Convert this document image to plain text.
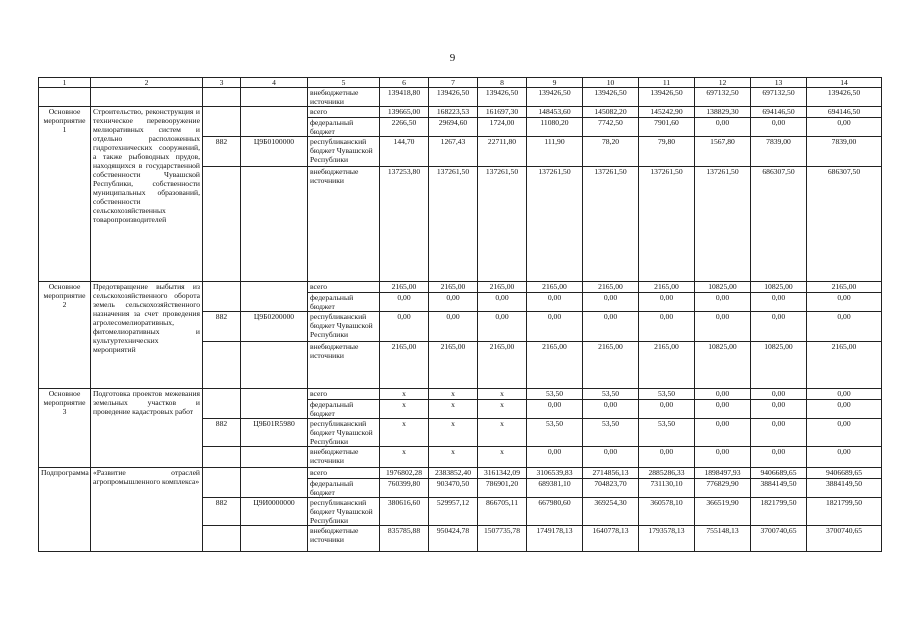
9
1	2	3	4	5	6	7	8	9	10	11	12	13	14
				внебюджетные источники	139418,80	139426,50	139426,50	139426,50	139426,50	139426,50	697132,50	697132,50	139426,50
Основное мероприятие 1	Строительство, реконструкция и техническое перевооружение мелиоративных систем и отдельно расположенных гидротехнических сооружений, а также рыбоводных прудов, находящихся в государственной собственности Чувашской Республики, собственности муниципальных образований, собственности сельскохозяйственных товаропроизводителей			всего	139665,00	168223,53	161697,30	148453,60	145082,20	145242,90	138829,30	694146,50	694146,50
				федеральный бюджет	2266,50	29694,60	1724,00	11080,20	7742,50	7901,60	0,00	0,00	0,00
		882	Ц9Б0100000	республиканский бюджет Чувашской Республики	144,70	1267,43	22711,80	111,90	78,20	79,80	1567,80	7839,00	7839,00
				внебюджетные источники	137253,80	137261,50	137261,50	137261,50	137261,50	137261,50	137261,50	686307,50	686307,50
Основное мероприятие 2	Предотвращение выбытия из сельскохозяйственного оборота земель сельскохозяйственного назначения за счет проведения агролесомелиоративных, фитомелиоративных и культуртехнических мероприятий			всего	2165,00	2165,00	2165,00	2165,00	2165,00	2165,00	10825,00	10825,00	2165,00
				федеральный бюджет	0,00	0,00	0,00	0,00	0,00	0,00	0,00	0,00	0,00
		882	Ц9Б0200000	республиканский бюджет Чувашской Республики	0,00	0,00	0,00	0,00	0,00	0,00	0,00	0,00	0,00
				внебюджетные источники	2165,00	2165,00	2165,00	2165,00	2165,00	2165,00	10825,00	10825,00	2165,00
Основное мероприятие 3	Подготовка проектов межевания земельных участков и проведение кадастровых работ			всего	х	х	х	53,50	53,50	53,50	0,00	0,00	0,00
				федеральный бюджет	х	х	х	0,00	0,00	0,00	0,00	0,00	0,00
		882	Ц9Б01R5980	республиканский бюджет Чувашской Республики	х	х	х	53,50	53,50	53,50	0,00	0,00	0,00
				внебюджетные источники	х	х	х	0,00	0,00	0,00	0,00	0,00	0,00
Подпрограмма	«Развитие отраслей агропромышленного комплекса»			всего	1976802,28	2383852,40	3161342,09	3106539,83	2714856,13	2885286,33	1898497,93	9406689,65	9406689,65
				федеральный бюджет	760399,80	903470,50	786901,20	689381,10	704823,70	731130,10	776829,90	3884149,50	3884149,50
		882	Ц9И0000000	республиканский бюджет Чувашской Республики	380616,60	529957,12	866705,11	667980,60	369254,30	360578,10	366519,90	1821799,50	1821799,50
				внебюджетные источники	835785,88	950424,78	1507735,78	1749178,13	1640778,13	1793578,13	755148,13	3700740,65	3700740,65
